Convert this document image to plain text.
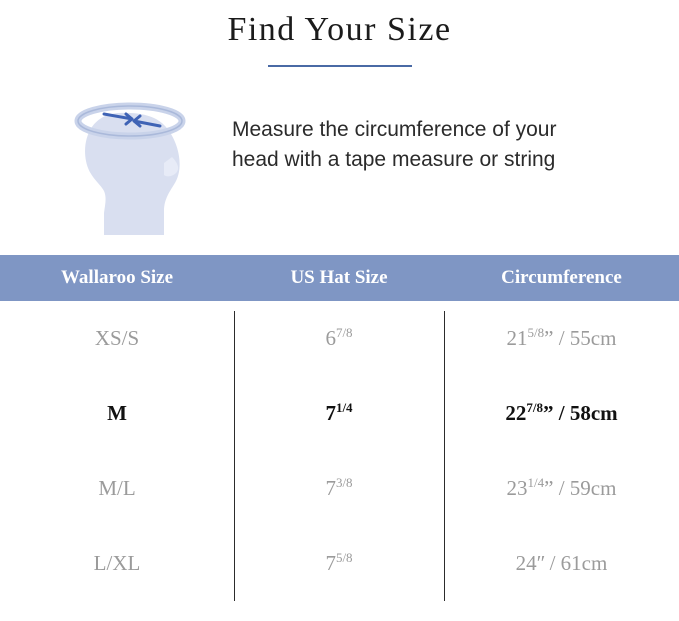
Find Your Size
Measure the circumference of your head with a tape measure or string
Wallaroo Size	US Hat Size	Circumference
XS/S	$6^{7/8}$	$21^{5/8}$” / 55cm
M	$7^{1/4}$	$22^{7/8}$” / 58cm
M/L	$7^{3/8}$	$23^{1/4}$” / 59cm
L/XL	$7^{5/8}$	24ʺ / 61cm
